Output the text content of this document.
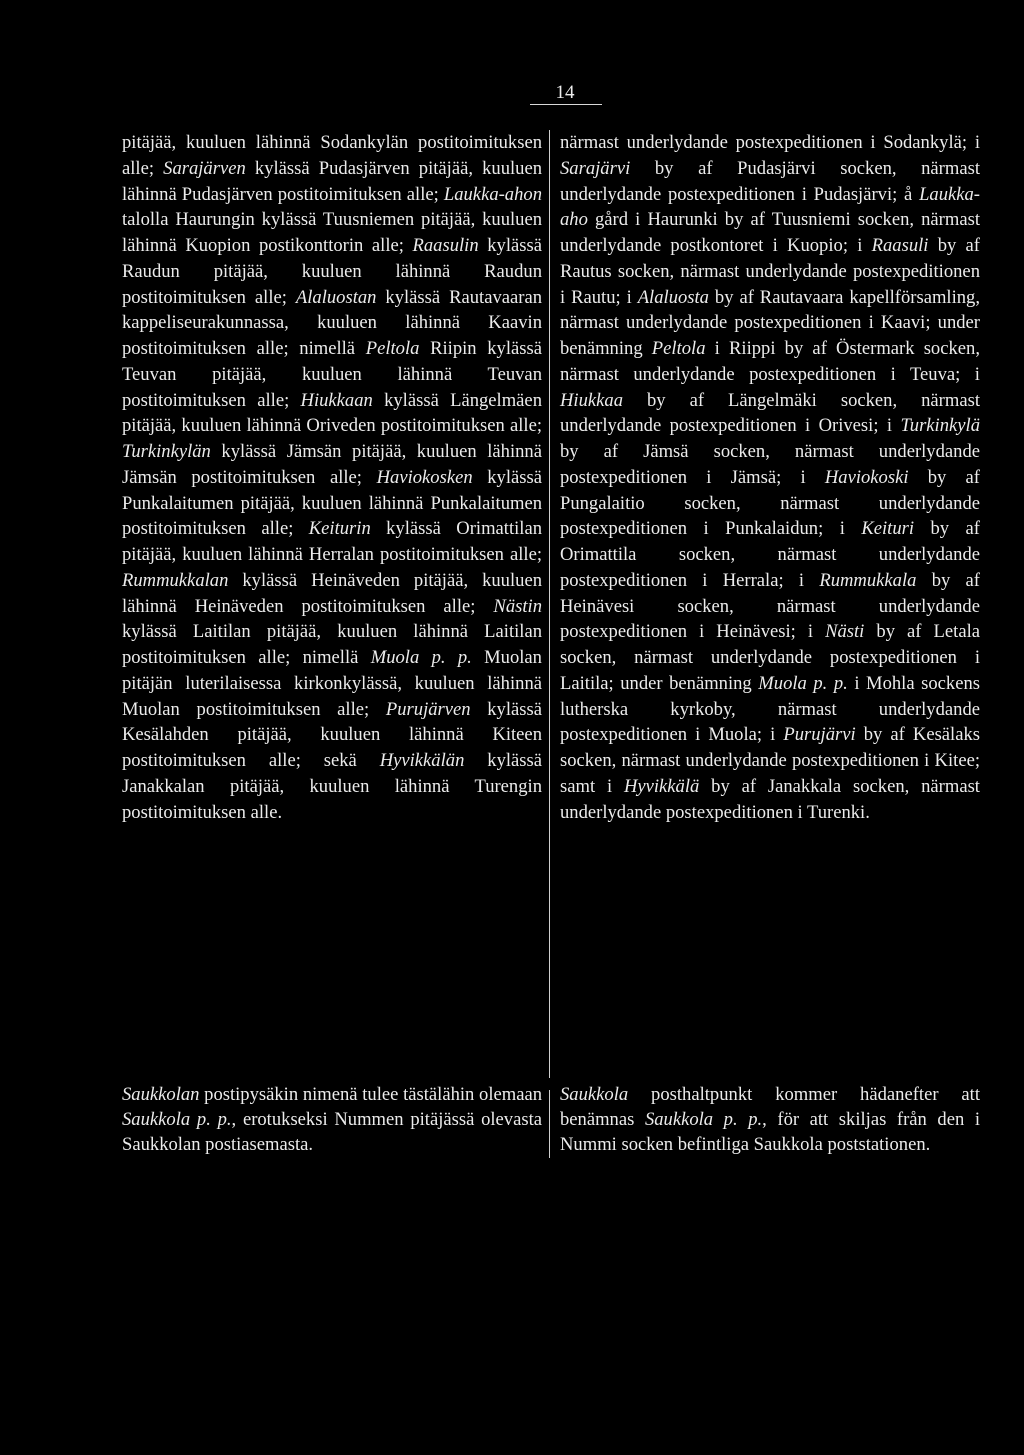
14

pitäjää, kuuluen lähinnä Sodankylän postitoimituksen alle; Sarajärven kylässä Pudasjärven pitäjää, kuuluen lähinnä Pudasjärven postitoimituksen alle; Laukka-ahon talolla Haurungin kylässä Tuusniemen pitäjää, kuuluen lähinnä Kuopion postikonttorin alle; Raasulin kylässä Raudun pitäjää, kuuluen lähinnä Raudun postitoimituksen alle; Alaluostan kylässä Rautavaaran kappeliseurakunnassa, kuuluen lähinnä Kaavin postitoimituksen alle; nimellä Peltola Riipin kylässä Teuvan pitäjää, kuuluen lähinnä Teuvan postitoimituksen alle; Hiukkaan kylässä Längelmäen pitäjää, kuuluen lähinnä Oriveden postitoimituksen alle; Turkinkylän kylässä Jämsän pitäjää, kuuluen lähinnä Jämsän postitoimituksen alle; Haviokosken kylässä Punkalaitumen pitäjää, kuuluen lähinnä Punkalaitumen postitoimituksen alle; Keiturin kylässä Orimattilan pitäjää, kuuluen lähinnä Herralan postitoimituksen alle; Rummukkalan kylässä Heinäveden pitäjää, kuuluen lähinnä Heinäveden postitoimituksen alle; Nästin kylässä Laitilan pitäjää, kuuluen lähinnä Laitilan postitoimituksen alle; nimellä Muola p. p. Muolan pitäjän luterilaisessa kirkonkylässä, kuuluen lähinnä Muolan postitoimituksen alle; Purujärven kylässä Kesälahden pitäjää, kuuluen lähinnä Kiteen postitoimituksen alle; sekä Hyvikkälän kylässä Janakkalan pitäjää, kuuluen lähinnä Turengin postitoimituksen alle.

närmast underlydande postexpeditionen i Sodankylä; i Sarajärvi by af Pudasjärvi socken, närmast underlydande postexpeditionen i Pudasjärvi; å Laukka-aho gård i Haurunki by af Tuusniemi socken, närmast underlydande postkontoret i Kuopio; i Raasuli by af Rautus socken, närmast underlydande postexpeditionen i Rautu; i Alaluosta by af Rautavaara kapellförsamling, närmast underlydande postexpeditionen i Kaavi; under benämning Peltola i Riippi by af Östermark socken, närmast underlydande postexpeditionen i Teuva; i Hiukkaa by af Längelmäki socken, närmast underlydande postexpeditionen i Orivesi; i Turkinkylä by af Jämsä socken, närmast underlydande postexpeditionen i Jämsä; i Haviokoski by af Pungalaitio socken, närmast underlydande postexpeditionen i Punkalaidun; i Keituri by af Orimattila socken, närmast underlydande postexpeditionen i Herrala; i Rummukkala by af Heinävesi socken, närmast underlydande postexpeditionen i Heinävesi; i Nästi by af Letala socken, närmast underlydande postexpeditionen i Laitila; under benämning Muola p. p. i Mohla sockens lutherska kyrkoby, närmast underlydande postexpeditionen i Muola; i Purujärvi by af Kesälaks socken, närmast underlydande postexpeditionen i Kitee; samt i Hyvikkälä by af Janakkala socken, närmast underlydande postexpeditionen i Turenki.

Saukkolan postipysäkin nimenä tulee tästälähin olemaan Saukkola p. p., erotukseksi Nummen pitäjässä olevasta Saukkolan postiasemasta.

Saukkola posthaltpunkt kommer hädanefter att benämnas Saukkola p. p., för att skiljas från den i Nummi socken befintliga Saukkola poststationen.
